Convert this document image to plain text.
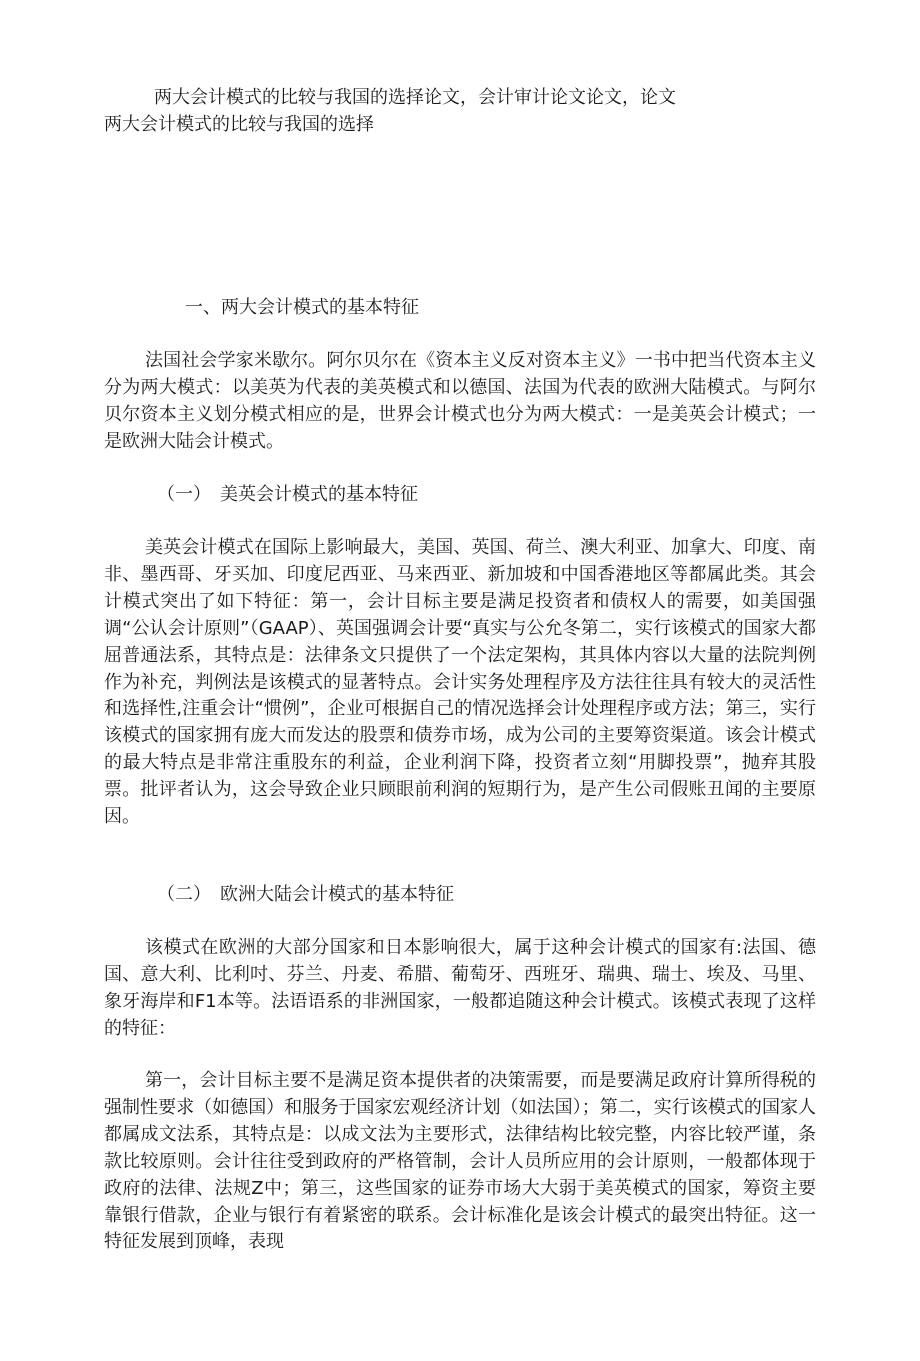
两大会计模式的比较与我国的选择论文，会计审计论文论文，论文
两大会计模式的比较与我国的选择
一、两大会计模式的基本特征

法国社会学家米歇尔。阿尔贝尔在《资本主义反对资本主义》一书中把当代资本主义分为两大模式：以美英为代表的美英模式和以德国、法国为代表的欧洲大陆模式。与阿尔贝尔资本主义划分模式相应的是，世界会计模式也分为两大模式：一是美英会计模式；一是欧洲大陆会计模式。

（一）　美英会计模式的基本特征

美英会计模式在国际上影响最大，美国、英国、荷兰、澳大利亚、加拿大、印度、南非、墨西哥、牙买加、印度尼西亚、马来西亚、新加坡和中国香港地区等都属此类。其会计模式突出了如下特征：第一，会计目标主要是满足投资者和债权人的需要，如美国强调“公认会计原则”（GAAP）、英国强调会计要“真实与公允冬第二，实行该模式的国家大都屈普通法系，其特点是：法律条文只提供了一个法定架构，其具体内容以大量的法院判例作为补充，判例法是该模式的显著特点。会计实务处理程序及方法往往具有较大的灵活性和选择性,注重会计“惯例”，企业可根据自己的情况选择会计处理程序或方法；第三，实行该模式的国家拥有庞大而发达的股票和债券市场，成为公司的主要筹资渠道。该会计模式的最大特点是非常注重股东的利益，企业利润下降，投资者立刻“用脚投票”，抛弃其股票。批评者认为，这会导致企业只顾眼前利润的短期行为，是产生公司假账丑闻的主要原因。

（二）　欧洲大陆会计模式的基本特征

该模式在欧洲的大部分国家和日本影响很大，属于这种会计模式的国家有:法国、德国、意大利、比利吋、芬兰、丹麦、希腊、葡萄牙、西班牙、瑞典、瑞士、埃及、马里、象牙海岸和F1本等。法语语系的非洲国家，一般都追随这种会计模式。该模式表现了这样的特征：

第一，会计目标主要不是满足资本提供者的决策需要，而是要满足政府计算所得税的强制性要求（如德国）和服务于国家宏观经济计划（如法国）；第二，实行该模式的国家人都属成文法系，其特点是：以成文法为主要形式，法律结构比较完整，内容比较严谨，条款比较原则。会计往往受到政府的严格管制，会计人员所应用的会计原则，一般都体现于政府的法律、法规Z中；第三，这些国家的证券市场大大弱于美英模式的国家，筹资主要靠银行借款，企业与银行有着紧密的联系。会计标准化是该会计模式的最突出特征。这一特征发展到顶峰，表现
